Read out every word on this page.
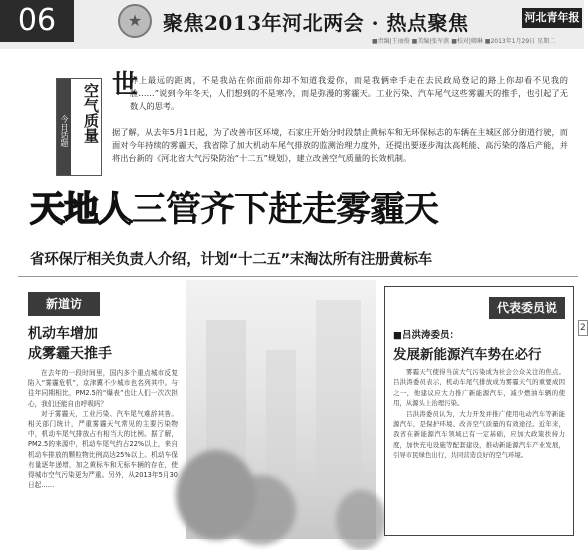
06
★	聚焦2013年河北两会 · 热点聚焦	河北青年报
■责编|王丽俊 ■美编|张军燕 ■校对|卿琳 ■2013年1月29日 星期二
今日话题 空气质量 世
界上最远的距离，不是我站在你面前你却不知道我爱你，而是我俩牵手走在去民政局登记的路上你却看不见我的脸……”说到今年冬天，人们想到的不是寒冷，而是弥漫的雾霾天。工业污染、汽车尾气这些雾霾天的推手，也引起了无数人的思考。
据了解，从去年5月1日起，为了改善市区环境，石家庄开始分时段禁止黄标车和无环保标志的车辆在主城区部分街道行驶，而面对今年持续的雾霾天，我省除了加大机动车尾气排放的监测治理力度外，还提出要逐步淘汰高耗能、高污染的落后产能，并将出台新的《河北省大气污染防治“十二五”规划》，建立改善空气质量的长效机制。
天地人三管齐下赶走雾霾天
省环保厅相关负责人介绍，计划“十二五”末淘汰所有注册黄标车
新道访
机动车增加
成雾霾天推手

在去年的一段时间里，国内多个重点城市反复陷入“雾霾危机”，京津冀不少城市也名列其中。与往年同期相比，PM2.5的“爆表”也让人们一次次担心，我们还能自由呼吸吗？

对于雾霾天，工业污染、汽车尾气难辞其咎。相关部门统计，严重雾霾天气常见的主要污染物中，机动车尾气排放占有相当大的比例。据了解，PM2.5的来源中，机动车尾气约占22%以上，来自机动车排放的颗粒物比例高达25%以上。机动车保有量逐年递增，加之黄标车和无标车辆的存在，使得城市空气污染更为严重。另外，从2013年5月30日起……

代表委员说
■吕洪涛委员：
发展新能源汽车势在必行

雾霾天气使得当前大气污染成为社会公众关注的焦点。吕洪涛委员表示，机动车尾气排放成为雾霾天气的重要成因之一，他建议应大力推广新能源汽车，减少燃油车辆的使用，从源头上治理污染。

吕洪涛委员认为，大力开发并推广使用电动汽车等新能源汽车，是保护环境、改善空气质量的有效途径。近年来，我省在新能源汽车领域已有一定基础，应加大政策扶持力度，加快充电设施等配套建设，推动新能源汽车产业发展，引导市民绿色出行，共同营造良好的空气环境。

2
